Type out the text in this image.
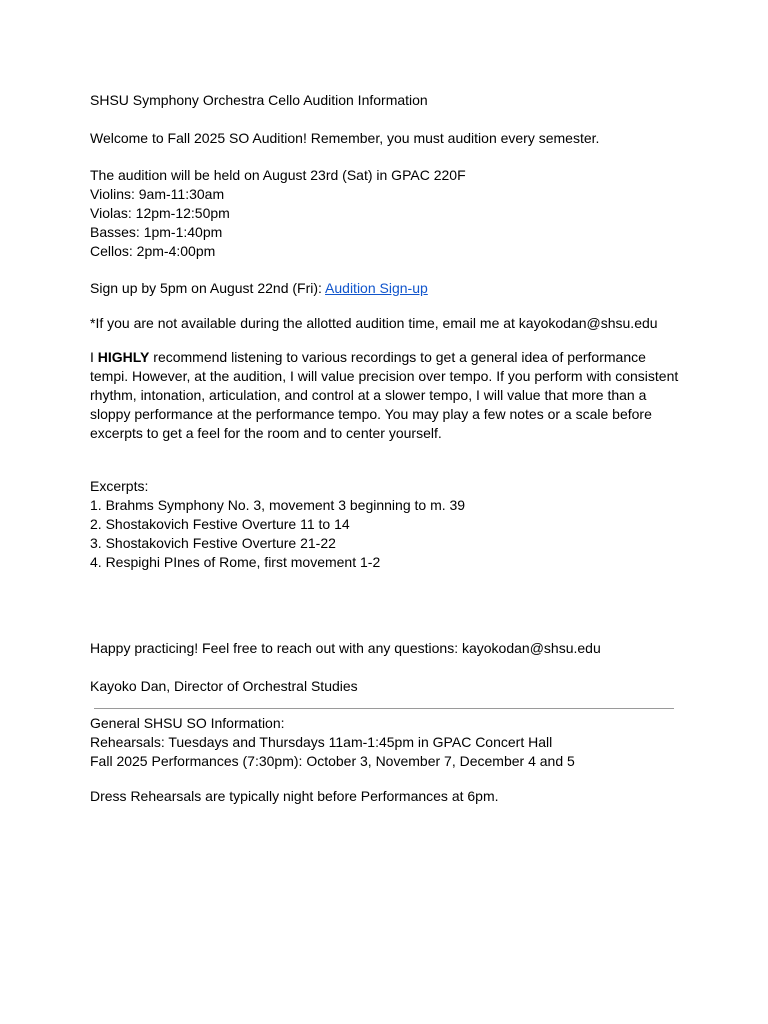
SHSU Symphony Orchestra Cello Audition Information
Welcome to Fall 2025 SO Audition! Remember, you must audition every semester.
The audition will be held on August 23rd (Sat) in GPAC 220F
Violins: 9am-11:30am
Violas: 12pm-12:50pm
Basses: 1pm-1:40pm
Cellos: 2pm-4:00pm
Sign up by 5pm on August 22nd (Fri): Audition Sign-up
*If you are not available during the allotted audition time, email me at kayokodan@shsu.edu
I HIGHLY recommend listening to various recordings to get a general idea of performance tempi. However, at the audition, I will value precision over tempo. If you perform with consistent rhythm, intonation, articulation, and control at a slower tempo, I will value that more than a sloppy performance at the performance tempo. You may play a few notes or a scale before excerpts to get a feel for the room and to center yourself.
Excerpts:
1. Brahms Symphony No. 3, movement 3 beginning to m. 39
2. Shostakovich Festive Overture 11 to 14
3. Shostakovich Festive Overture 21-22
4. Respighi PInes of Rome, first movement 1-2
Happy practicing! Feel free to reach out with any questions: kayokodan@shsu.edu
Kayoko Dan, Director of Orchestral Studies
General SHSU SO Information:
Rehearsals: Tuesdays and Thursdays 11am-1:45pm in GPAC Concert Hall
Fall 2025 Performances (7:30pm): October 3, November 7, December 4 and 5
Dress Rehearsals are typically night before Performances at 6pm.
